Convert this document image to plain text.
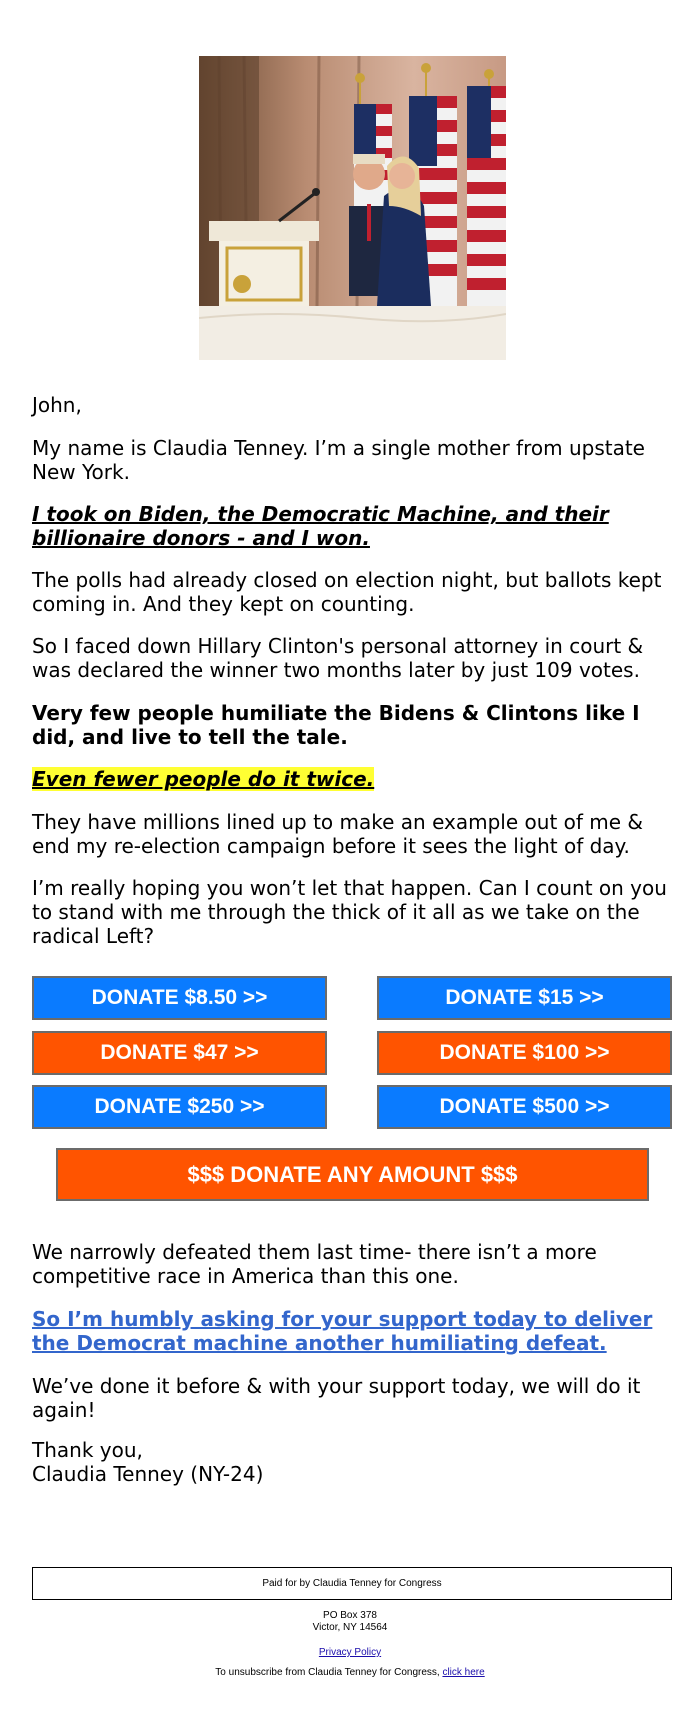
John,
My name is Claudia Tenney. I’m a single mother from upstate New York.
I took on Biden, the Democratic Machine, and their billionaire donors - and I won.
The polls had already closed on election night, but ballots kept coming in. And they kept on counting.
So I faced down Hillary Clinton's personal attorney in court & was declared the winner two months later by just 109 votes.
Very few people humiliate the Bidens & Clintons like I did, and live to tell the tale.
Even fewer people do it twice.
They have millions lined up to make an example out of me & end my re-election campaign before it sees the light of day.
I’m really hoping you won’t let that happen. Can I count on you to stand with me through the thick of it all as we take on the radical Left?
DONATE $8.50 >>	DONATE $15 >>
DONATE $47 >>	DONATE $100 >>
DONATE $250 >>	DONATE $500 >>
$$$ DONATE ANY AMOUNT $$$
We narrowly defeated them last time- there isn’t a more competitive race in America than this one.
So I’m humbly asking for your support today to deliver the Democrat machine another humiliating defeat.
We’ve done it before & with your support today, we will do it again!
Thank you,
Claudia Tenney (NY-24)
Paid for by Claudia Tenney for Congress
PO Box 378
Victor, NY 14564
Privacy Policy
To unsubscribe from Claudia Tenney for Congress, click here
